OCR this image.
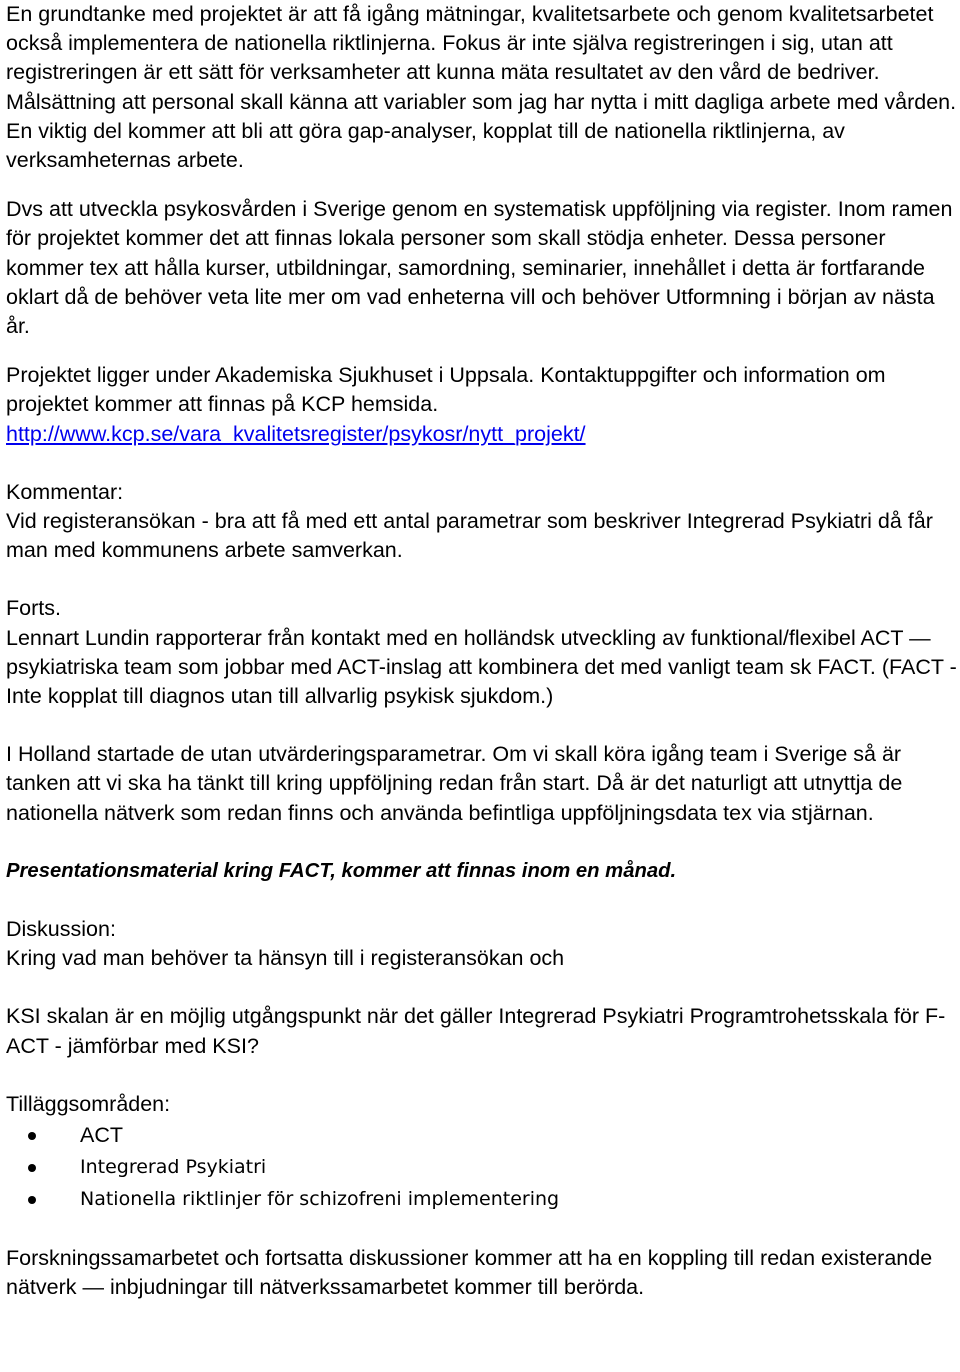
En grundtanke med projektet är att få igång mätningar, kvalitetsarbete och genom kvalitetsarbetet också implementera de nationella riktlinjerna. Fokus är inte själva registreringen i sig, utan att registreringen är ett sätt för verksamheter att kunna mäta resultatet av den vård de bedriver. Målsättning att personal skall känna att variabler som jag har nytta i mitt dagliga arbete med vården. En viktig del kommer att bli att göra gap-analyser, kopplat till de nationella riktlinjerna, av verksamheternas arbete.

Dvs att utveckla psykosvården i Sverige genom en systematisk uppföljning via register. Inom ramen för projektet kommer det att finnas lokala personer som skall stödja enheter. Dessa personer kommer tex att hålla kurser, utbildningar, samordning, seminarier, innehållet i detta är fortfarande oklart då de behöver veta lite mer om vad enheterna vill och behöver Utformning i början av nästa år.

Projektet ligger under Akademiska Sjukhuset i Uppsala. Kontaktuppgifter och information om projektet kommer att finnas på KCP hemsida.
http://www.kcp.se/vara_kvalitetsregister/psykosr/nytt_projekt/

Kommentar:
Vid registeransökan - bra att få med ett antal parametrar som beskriver Integrerad Psykiatri då får man med kommunens arbete samverkan.

Forts.
Lennart Lundin rapporterar från kontakt med en holländsk utveckling av funktional/flexibel ACT — psykiatriska team som jobbar med ACT-inslag att kombinera det med vanligt team sk FACT. (FACT - Inte kopplat till diagnos utan till allvarlig psykisk sjukdom.)

I Holland startade de utan utvärderingsparametrar. Om vi skall köra igång team i Sverige så är tanken att vi ska ha tänkt till kring uppföljning redan från start. Då är det naturligt att utnyttja de nationella nätverk som redan finns och använda befintliga uppföljningsdata tex via stjärnan.

Presentationsmaterial kring FACT, kommer att finnas inom en månad.

Diskussion:
Kring vad man behöver ta hänsyn till i registeransökan och

KSI skalan är en möjlig utgångspunkt när det gäller Integrerad Psykiatri Programtrohetsskala för F-ACT - jämförbar med KSI?

Tilläggsområden:

ACT
Integrerad Psykiatri
Nationella riktlinjer för schizofreni implementering

Forskningssamarbetet och fortsatta diskussioner kommer att ha en koppling till redan existerande nätverk — inbjudningar till nätverkssamarbetet kommer till berörda.
